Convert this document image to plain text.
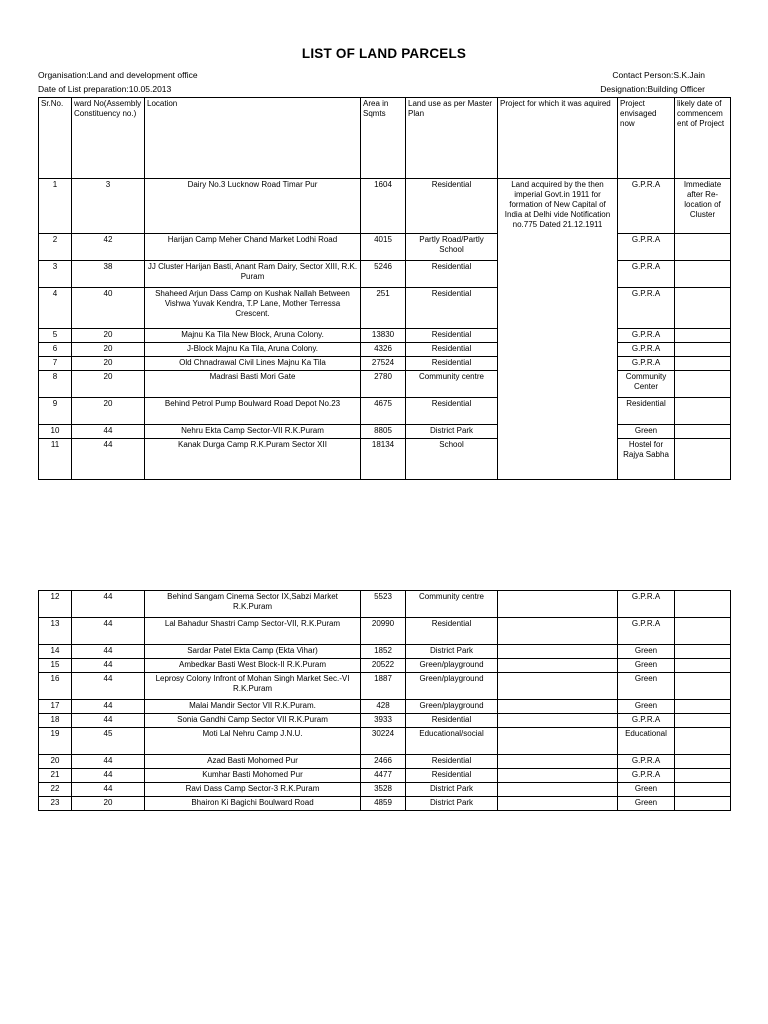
LIST OF LAND PARCELS
Organisation:Land and development office	Contact Person:S.K.Jain
Date of List preparation:10.05.2013	Designation:Building Officer
Sr.No.	ward No(Assembly Constituency no.)	Location	Area in Sqmts	Land use as per Master Plan	Project for which it was aquired	Project envisaged now	likely date of commencem ent of Project
1	3	Dairy No.3 Lucknow Road Timar Pur	1604	Residential	Land acquired by the then imperial Govt.in 1911 for formation of New Capital of India at Delhi vide Notification no.775 Dated 21.12.1911	G.P.R.A	Immediate after Re-location of Cluster
2	42	Harijan Camp Meher Chand Market Lodhi Road	4015	Partly Road/Partly School		G.P.R.A	
3	38	JJ Cluster Harijan Basti, Anant Ram Dairy, Sector XIII, R.K. Puram	5246	Residential		G.P.R.A	
4	40	Shaheed Arjun Dass Camp on Kushak Nallah Between Vishwa Yuvak Kendra, T.P Lane, Mother Terressa Crescent.	251	Residential		G.P.R.A	
5	20	Majnu Ka Tila New Block, Aruna Colony.	13830	Residential		G.P.R.A	
6	20	J-Block Majnu Ka Tila, Aruna Colony.	4326	Residential		G.P.R.A	
7	20	Old Chnadrawal Civil Lines Majnu Ka Tila	27524	Residential		G.P.R.A	
8	20	Madrasi Basti Mori Gate	2780	Community centre		Community Center	
9	20	Behind Petrol Pump Boulward Road Depot No.23	4675	Residential		Residential	
10	44	Nehru Ekta Camp Sector-VII R.K.Puram	8805	District Park		Green	
11	44	Kanak Durga Camp R.K.Puram Sector XII	18134	School		Hostel for Rajya Sabha	
12	44	Behind Sangam Cinema Sector IX,Sabzi Market R.K.Puram	5523	Community centre		G.P.R.A	
13	44	Lal Bahadur Shastri Camp Sector-VII, R.K.Puram	20990	Residential		G.P.R.A	
14	44	Sardar Patel Ekta Camp (Ekta Vihar)	1852	District Park		Green	
15	44	Ambedkar Basti West Block-II R.K.Puram	20522	Green/playground		Green	
16	44	Leprosy Colony Infront of Mohan Singh Market Sec.-VI R.K.Puram	1887	Green/playground		Green	
17	44	Malai Mandir Sector VII R.K.Puram.	428	Green/playground		Green	
18	44	Sonia Gandhi Camp Sector VII R.K.Puram	3933	Residential		G.P.R.A	
19	45	Moti Lal Nehru Camp J.N.U.	30224	Educational/social		Educational	
20	44	Azad Basti Mohomed Pur	2466	Residential		G.P.R.A	
21	44	Kumhar Basti Mohomed Pur	4477	Residential		G.P.R.A	
22	44	Ravi Dass Camp Sector-3 R.K.Puram	3528	District Park		Green	
23	20	Bhairon Ki Bagichi Boulward Road	4859	District Park		Green	
